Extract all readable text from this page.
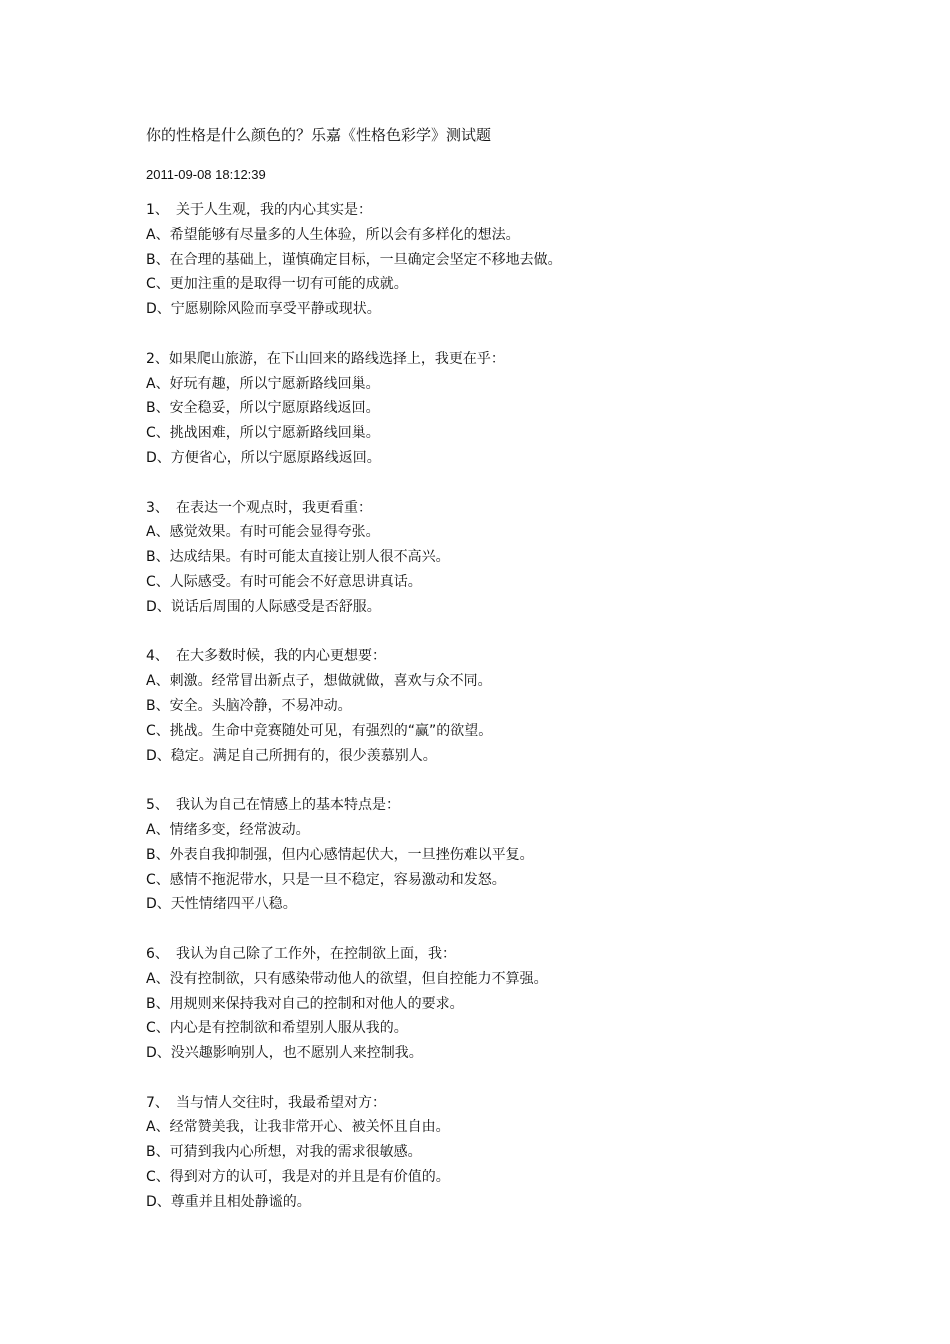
你的性格是什么颜色的？乐嘉《性格色彩学》测试题
2011-09-08 18:12:39
1、 关于人生观，我的内心其实是：
A、希望能够有尽量多的人生体验，所以会有多样化的想法。
B、在合理的基础上，谨慎确定目标，一旦确定会坚定不移地去做。
C、更加注重的是取得一切有可能的成就。
D、宁愿剔除风险而享受平静或现状。
2、如果爬山旅游，在下山回来的路线选择上，我更在乎：
A、好玩有趣，所以宁愿新路线回巢。
B、安全稳妥，所以宁愿原路线返回。
C、挑战困难，所以宁愿新路线回巢。
D、方便省心，所以宁愿原路线返回。
3、 在表达一个观点时，我更看重：
A、感觉效果。有时可能会显得夸张。
B、达成结果。有时可能太直接让别人很不高兴。
C、人际感受。有时可能会不好意思讲真话。
D、说话后周围的人际感受是否舒服。
4、 在大多数时候，我的内心更想要：
A、刺激。经常冒出新点子，想做就做，喜欢与众不同。
B、安全。头脑冷静，不易冲动。
C、挑战。生命中竞赛随处可见，有强烈的“赢”的欲望。
D、稳定。满足自己所拥有的，很少羡慕别人。
5、 我认为自己在情感上的基本特点是：
A、情绪多变，经常波动。
B、外表自我抑制强，但内心感情起伏大，一旦挫伤难以平复。
C、感情不拖泥带水，只是一旦不稳定，容易激动和发怒。
D、天性情绪四平八稳。
6、 我认为自己除了工作外，在控制欲上面，我：
A、没有控制欲，只有感染带动他人的欲望，但自控能力不算强。
B、用规则来保持我对自己的控制和对他人的要求。
C、内心是有控制欲和希望别人服从我的。
D、没兴趣影响别人，也不愿别人来控制我。
7、 当与情人交往时，我最希望对方：
A、经常赞美我，让我非常开心、被关怀且自由。
B、可猜到我内心所想，对我的需求很敏感。
C、得到对方的认可，我是对的并且是有价值的。
D、尊重并且相处静谧的。
